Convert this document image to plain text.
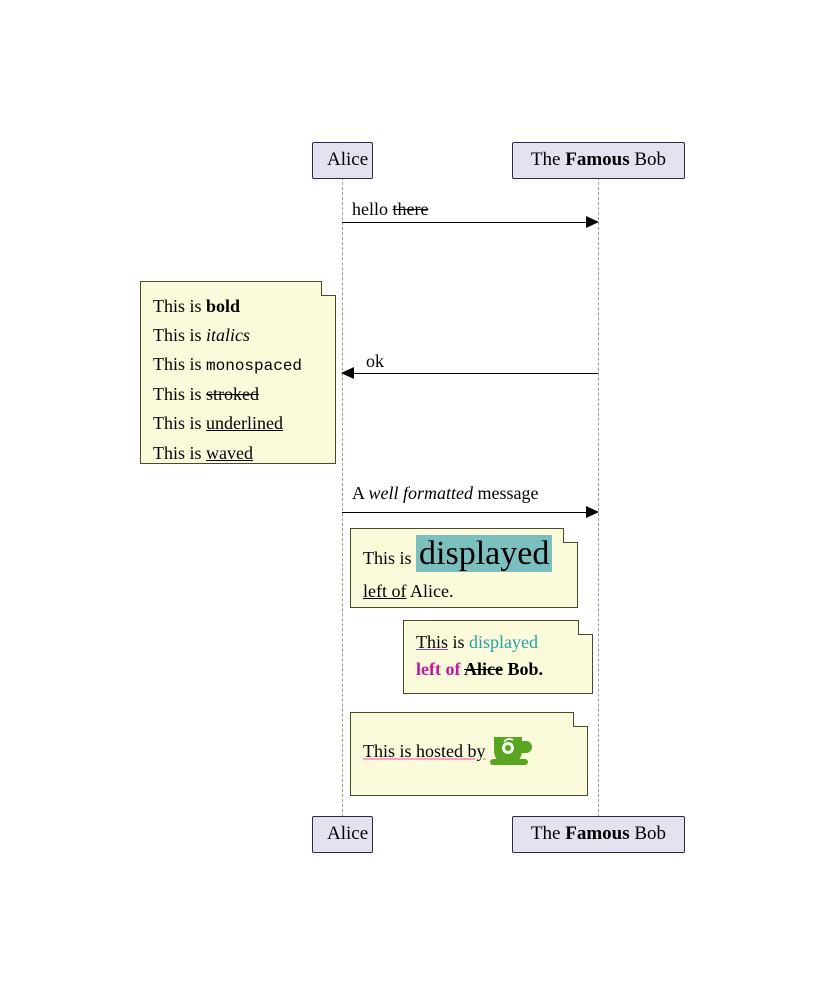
Alice	The Famous Bob
hello there
This is bold
This is italics
This is monospaced
This is stroked
This is underlined
This is waved
ok
A well formatted message
This is displayed
left of Alice.
This is displayed
left of Alice Bob.
This is hosted by
Alice	The Famous Bob
